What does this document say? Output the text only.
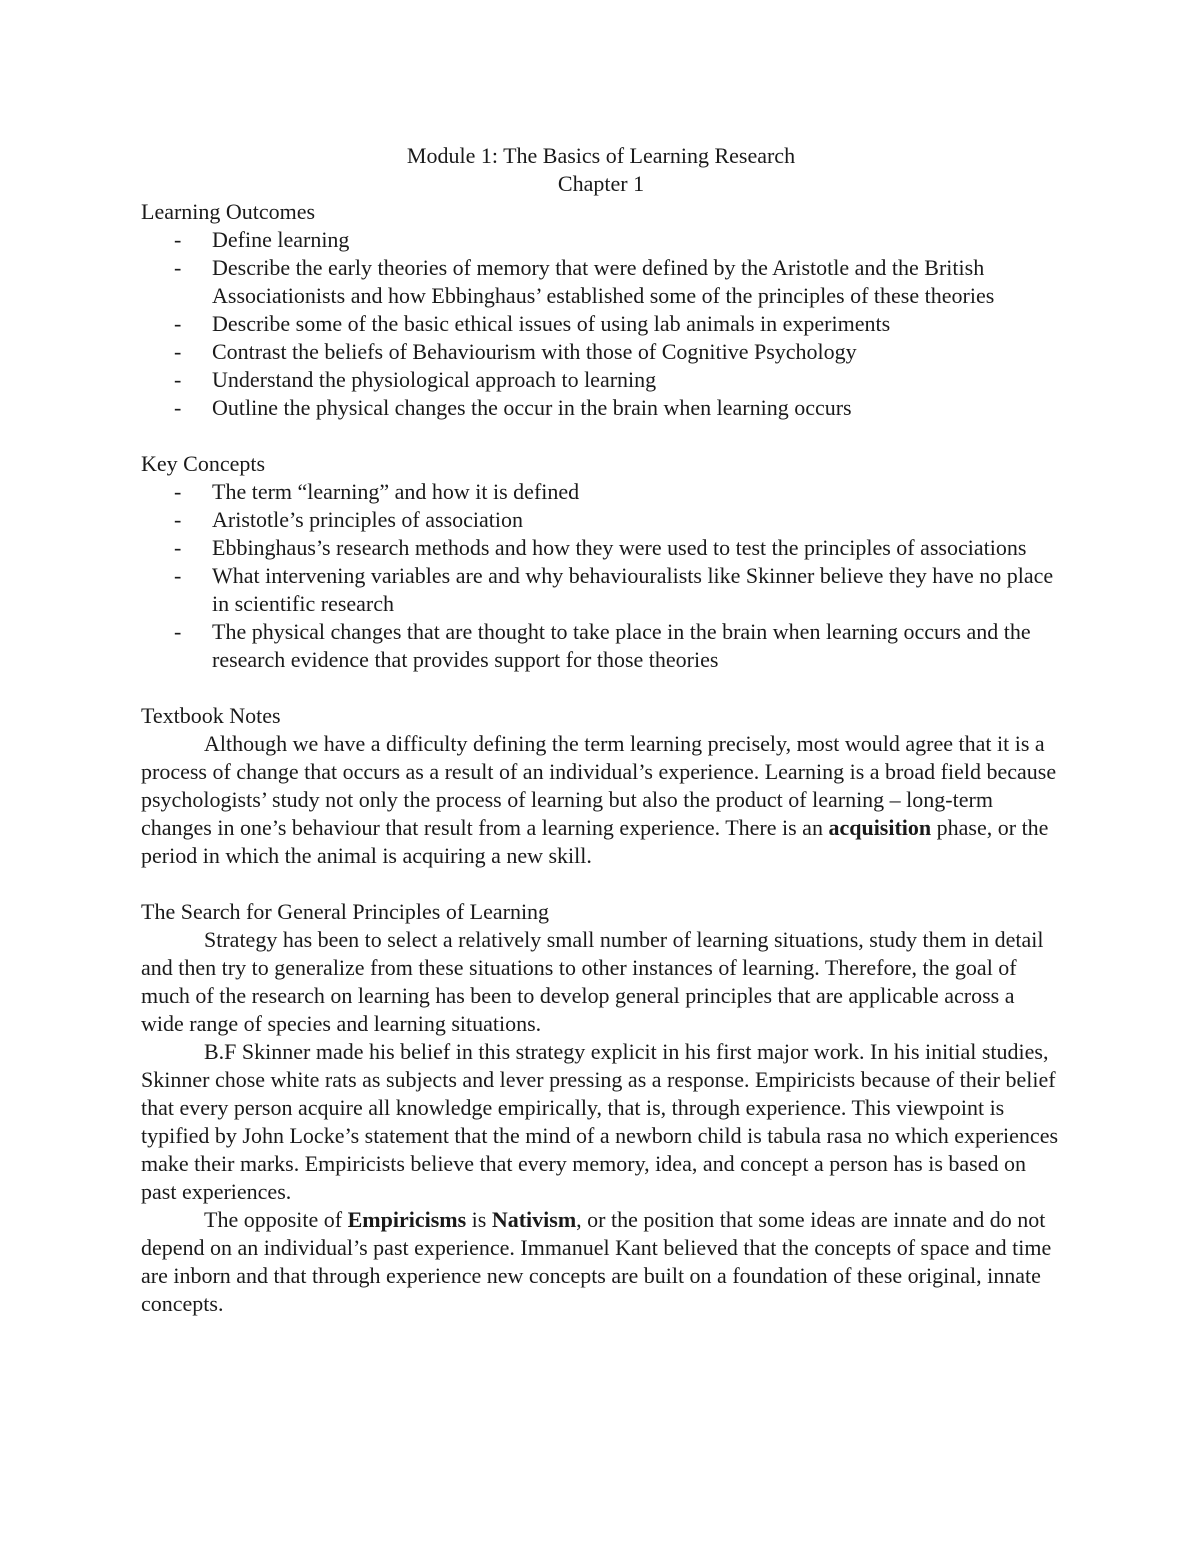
Module 1: The Basics of Learning Research
Chapter 1
Learning Outcomes
- Define learning
- Describe the early theories of memory that were defined by the Aristotle and the British Associationists and how Ebbinghaus’ established some of the principles of these theories
- Describe some of the basic ethical issues of using lab animals in experiments
- Contrast the beliefs of Behaviourism with those of Cognitive Psychology
- Understand the physiological approach to learning
- Outline the physical changes the occur in the brain when learning occurs
Key Concepts
- The term “learning” and how it is defined
- Aristotle’s principles of association
- Ebbinghaus’s research methods and how they were used to test the principles of associations
- What intervening variables are and why behaviouralists like Skinner believe they have no place in scientific research
- The physical changes that are thought to take place in the brain when learning occurs and the research evidence that provides support for those theories
Textbook Notes

Although we have a difficulty defining the term learning precisely, most would agree that it is a process of change that occurs as a result of an individual’s experience. Learning is a broad field because psychologists’ study not only the process of learning but also the product of learning – long-term changes in one’s behaviour that result from a learning experience. There is an acquisition phase, or the period in which the animal is acquiring a new skill.

The Search for General Principles of Learning

Strategy has been to select a relatively small number of learning situations, study them in detail and then try to generalize from these situations to other instances of learning. Therefore, the goal of much of the research on learning has been to develop general principles that are applicable across a wide range of species and learning situations.

B.F Skinner made his belief in this strategy explicit in his first major work. In his initial studies, Skinner chose white rats as subjects and lever pressing as a response. Empiricists because of their belief that every person acquire all knowledge empirically, that is, through experience. This viewpoint is typified by John Locke’s statement that the mind of a newborn child is tabula rasa no which experiences make their marks. Empiricists believe that every memory, idea, and concept a person has is based on past experiences.

The opposite of Empiricisms is Nativism, or the position that some ideas are innate and do not depend on an individual’s past experience. Immanuel Kant believed that the concepts of space and time are inborn and that through experience new concepts are built on a foundation of these original, innate concepts.
